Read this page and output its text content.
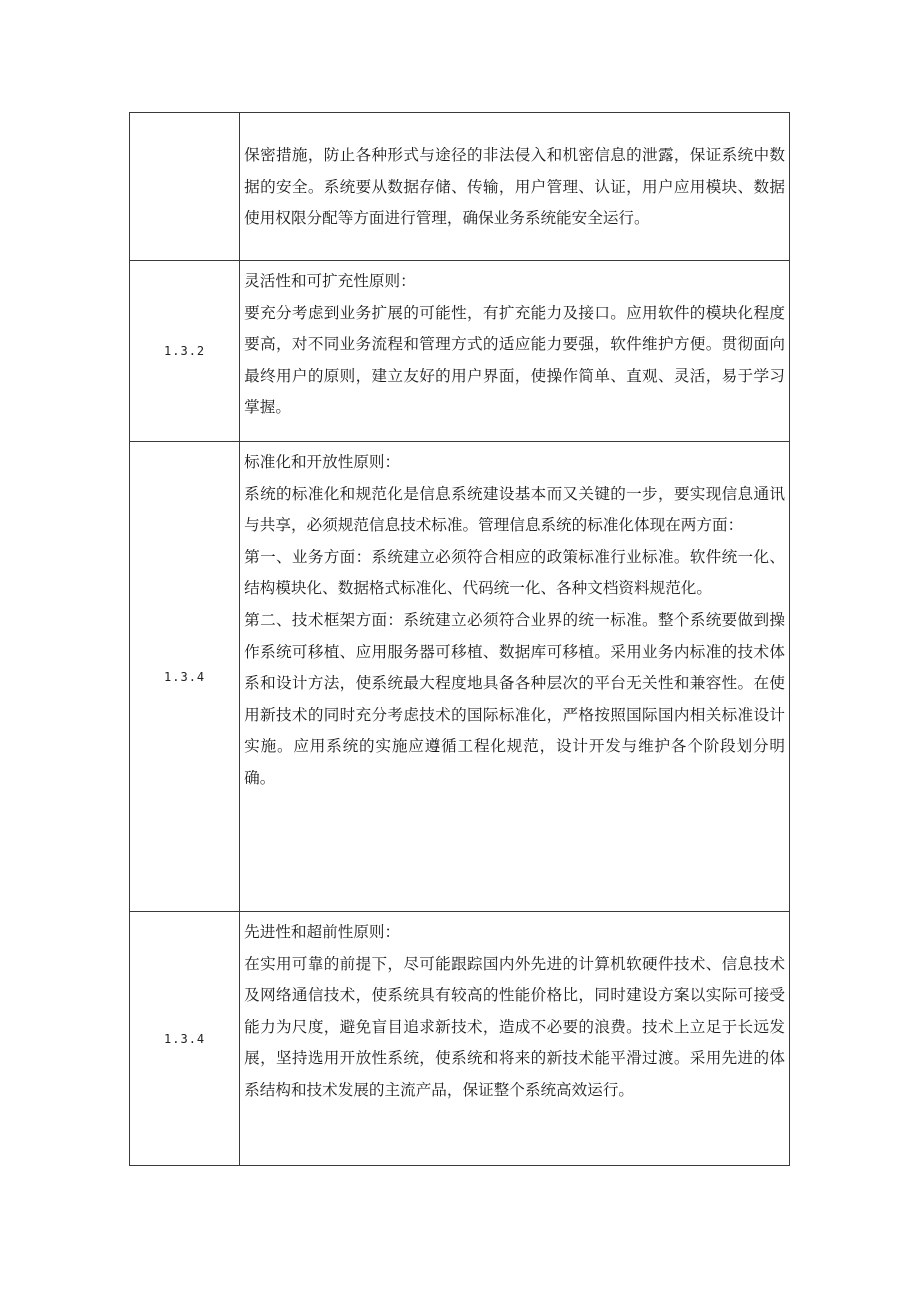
	保密措施，防止各种形式与途径的非法侵入和机密信息的泄露，保证系统中数据的安全。系统要从数据存储、传输，用户管理、认证，用户应用模块、数据使用权限分配等方面进行管理，确保业务系统能安全运行。

1.3.2	灵活性和可扩充性原则：

要充分考虑到业务扩展的可能性，有扩充能力及接口。应用软件的模块化程度要高，对不同业务流程和管理方式的适应能力要强，软件维护方便。贯彻面向最终用户的原则，建立友好的用户界面，使操作简单、直观、灵活，易于学习掌握。

1.3.4	标准化和开放性原则：

系统的标准化和规范化是信息系统建设基本而又关键的一步，要实现信息通讯与共享，必须规范信息技术标准。管理信息系统的标准化体现在两方面：

第一、业务方面：系统建立必须符合相应的政策标准行业标准。软件统一化、结构模块化、数据格式标准化、代码统一化、各种文档资料规范化。

第二、技术框架方面：系统建立必须符合业界的统一标准。整个系统要做到操作系统可移植、应用服务器可移植、数据库可移植。采用业务内标准的技术体系和设计方法，使系统最大程度地具备各种层次的平台无关性和兼容性。在使用新技术的同时充分考虑技术的国际标准化，严格按照国际国内相关标准设计实施。应用系统的实施应遵循工程化规范，设计开发与维护各个阶段划分明确。

1.3.4	先进性和超前性原则：

在实用可靠的前提下，尽可能跟踪国内外先进的计算机软硬件技术、信息技术及网络通信技术，使系统具有较高的性能价格比，同时建设方案以实际可接受能力为尺度，避免盲目追求新技术，造成不必要的浪费。技术上立足于长远发展，坚持选用开放性系统，使系统和将来的新技术能平滑过渡。采用先进的体系结构和技术发展的主流产品，保证整个系统高效运行。
